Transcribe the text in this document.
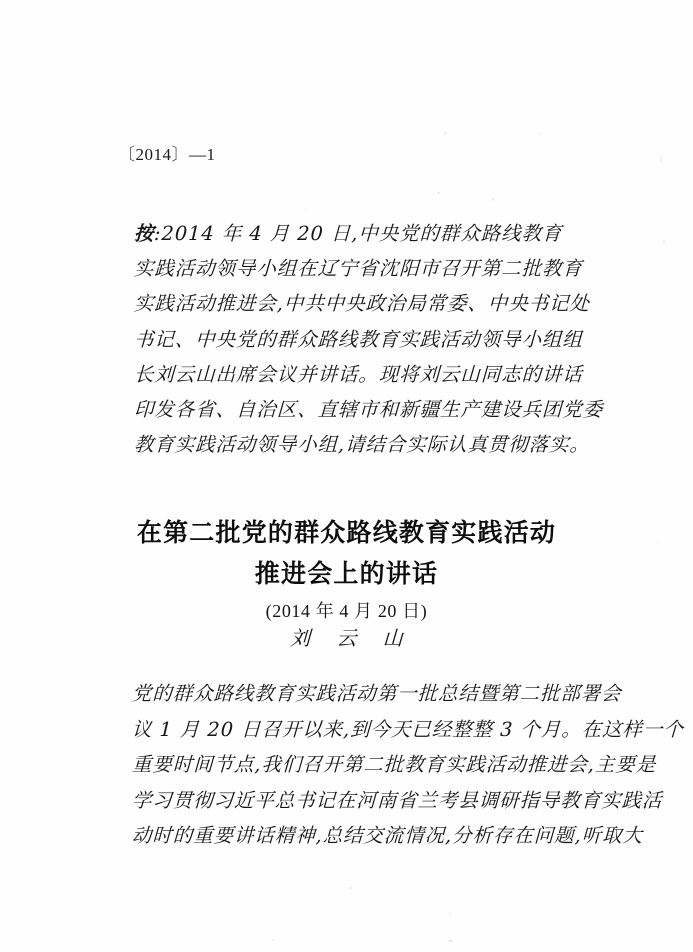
〔2014〕—1
按:2014 年 4 月 20 日,中央党的群众路线教育
实践活动领导小组在辽宁省沈阳市召开第二批教育
实践活动推进会,中共中央政治局常委、中央书记处
书记、中央党的群众路线教育实践活动领导小组组
长刘云山出席会议并讲话。现将刘云山同志的讲话
印发各省、自治区、直辖市和新疆生产建设兵团党委
教育实践活动领导小组,请结合实际认真贯彻落实。
在第二批党的群众路线教育实践活动
推进会上的讲话
(2014 年 4 月 20 日)
刘 云 山
党的群众路线教育实践活动第一批总结暨第二批部署会
议 1 月 20 日召开以来,到今天已经整整 3 个月。在这样一个
重要时间节点,我们召开第二批教育实践活动推进会,主要是
学习贯彻习近平总书记在河南省兰考县调研指导教育实践活
动时的重要讲话精神,总结交流情况,分析存在问题,听取大
